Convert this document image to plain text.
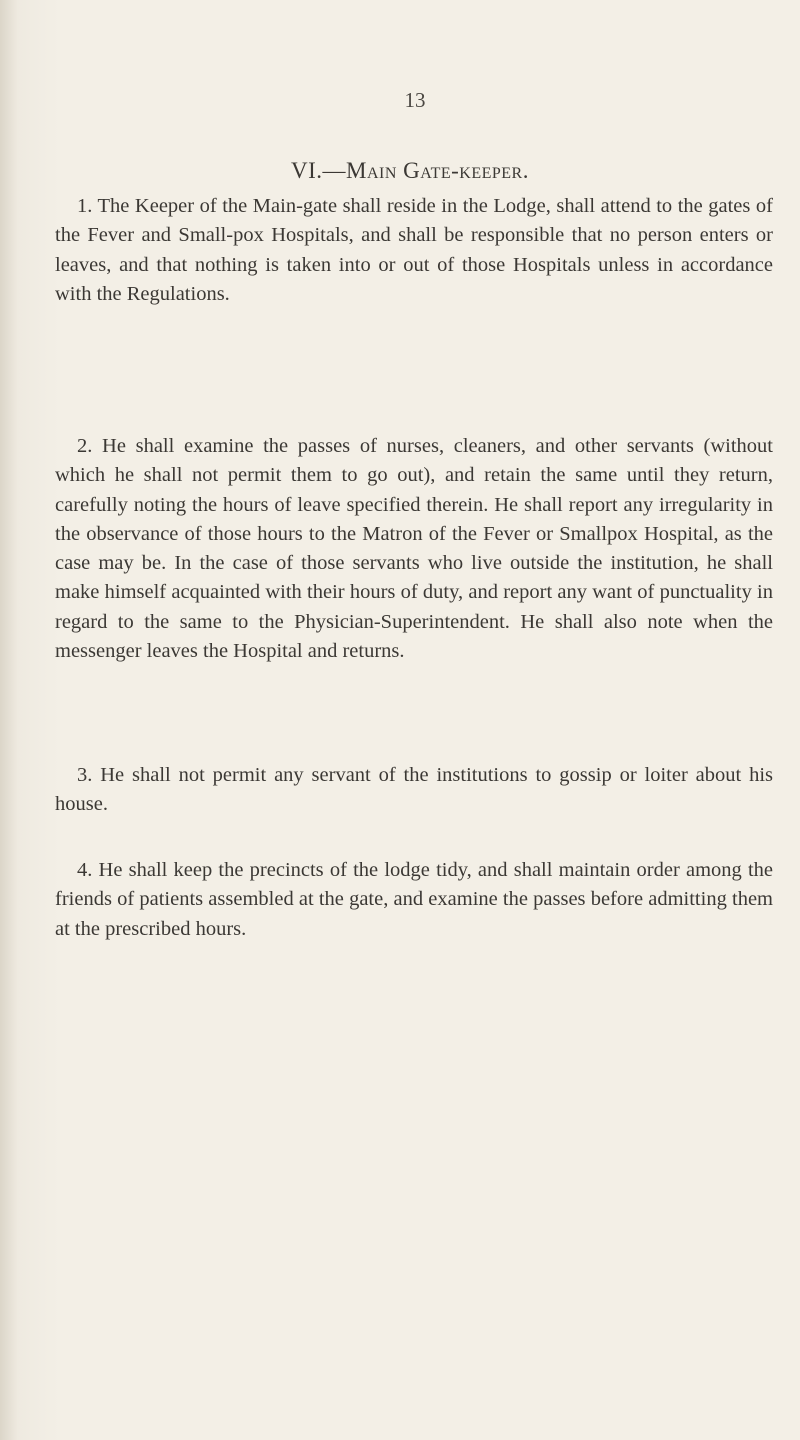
13
VI.—Main Gate-keeper.

1. The Keeper of the Main-gate shall reside in the Lodge, shall attend to the gates of the Fever and Small-pox Hospitals, and shall be responsible that no person enters or leaves, and that nothing is taken into or out of those Hospitals unless in accordance with the Regulations.

2. He shall examine the passes of nurses, cleaners, and other servants (without which he shall not permit them to go out), and retain the same until they return, carefully noting the hours of leave specified therein. He shall report any irregularity in the observance of those hours to the Matron of the Fever or Smallpox Hospital, as the case may be. In the case of those servants who live outside the institution, he shall make himself acquainted with their hours of duty, and report any want of punctuality in regard to the same to the Physician-Superintendent. He shall also note when the messenger leaves the Hospital and returns.

3. He shall not permit any servant of the institutions to gossip or loiter about his house.

4. He shall keep the precincts of the lodge tidy, and shall maintain order among the friends of patients assembled at the gate, and examine the passes before admitting them at the prescribed hours.
